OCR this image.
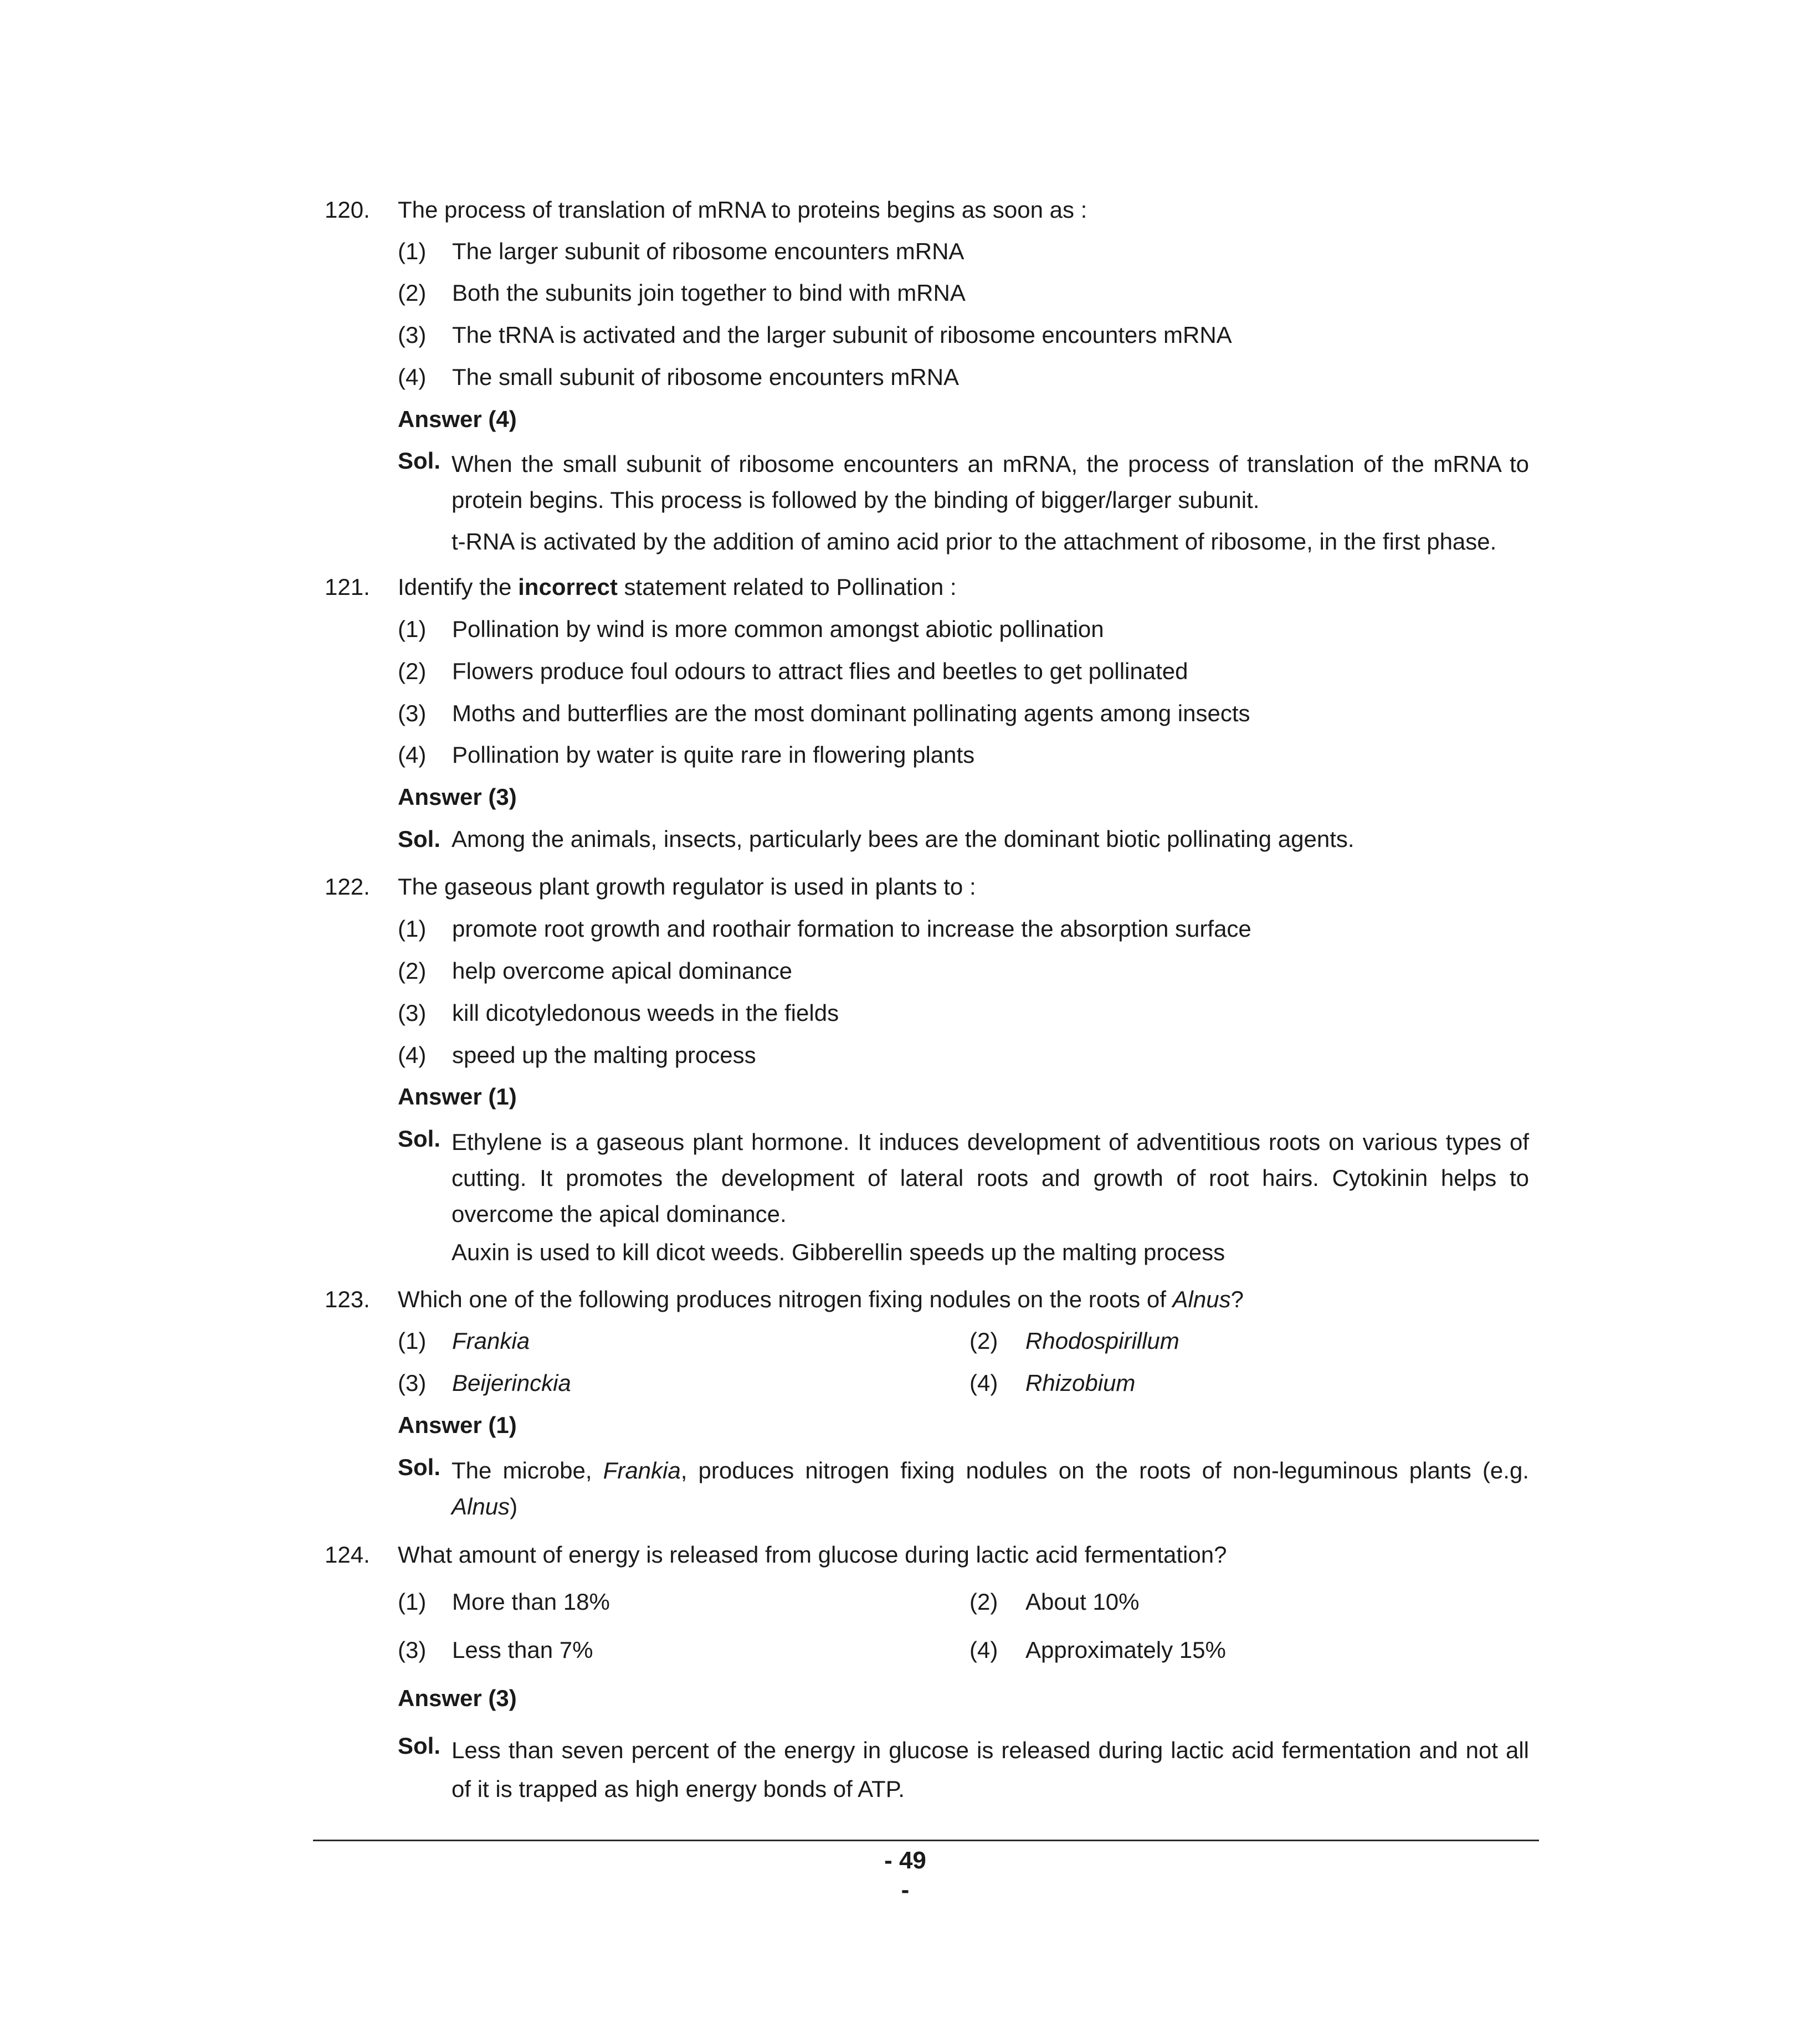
120. The process of translation of mRNA to proteins begins as soon as :
(1) The larger subunit of ribosome encounters mRNA
(2) Both the subunits join together to bind with mRNA
(3) The tRNA is activated and the larger subunit of ribosome encounters mRNA
(4) The small subunit of ribosome encounters mRNA
Answer (4)
Sol. When the small subunit of ribosome encounters an mRNA, the process of translation of the mRNA to protein begins. This process is followed by the binding of bigger/larger subunit.

t-RNA is activated by the addition of amino acid prior to the attachment of ribosome, in the first phase.

121. Identify the incorrect statement related to Pollination :
(1) Pollination by wind is more common amongst abiotic pollination
(2) Flowers produce foul odours to attract flies and beetles to get pollinated
(3) Moths and butterflies are the most dominant pollinating agents among insects
(4) Pollination by water is quite rare in flowering plants
Answer (3)
Sol. Among the animals, insects, particularly bees are the dominant biotic pollinating agents.

122. The gaseous plant growth regulator is used in plants to :
(1) promote root growth and roothair formation to increase the absorption surface
(2) help overcome apical dominance
(3) kill dicotyledonous weeds in the fields
(4) speed up the malting process
Answer (1)
Sol. Ethylene is a gaseous plant hormone. It induces development of adventitious roots on various types of cutting. It promotes the development of lateral roots and growth of root hairs. Cytokinin helps to overcome the apical dominance.

Auxin is used to kill dicot weeds. Gibberellin speeds up the malting process

123. Which one of the following produces nitrogen fixing nodules on the roots of Alnus?
(1) Frankia	(2) Rhodospirillum
(3) Beijerinckia	(4) Rhizobium
Answer (1)
Sol. The microbe, Frankia, produces nitrogen fixing nodules on the roots of non-leguminous plants (e.g. Alnus)

124. What amount of energy is released from glucose during lactic acid fermentation?
(1) More than 18%	(2) About 10%
(3) Less than 7%	(4) Approximately 15%
Answer (3)
Sol. Less than seven percent of the energy in glucose is released during lactic acid fermentation and not all of it is trapped as high energy bonds of ATP.

- 49 -
